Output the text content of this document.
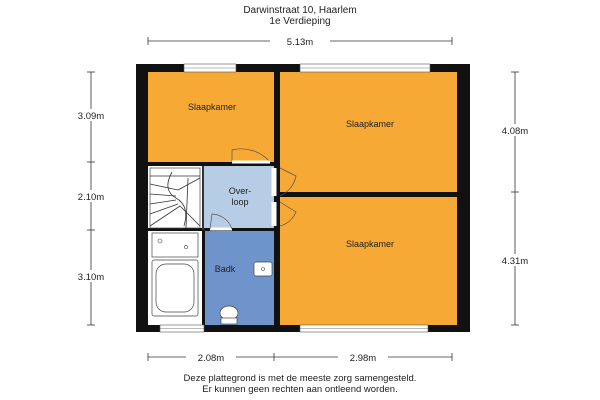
Darwinstraat 10, Haarlem
1e Verdieping
5.13m
3.09m
2.10m
3.10m
4.08m
4.31m
2.08m	2.98m
Slaapkamer
Slaapkamer
Slaapkamer
Over-
loop
Badk
Deze plattegrond is met de meeste zorg samengesteld.
Er kunnen geen rechten aan ontleend worden.
